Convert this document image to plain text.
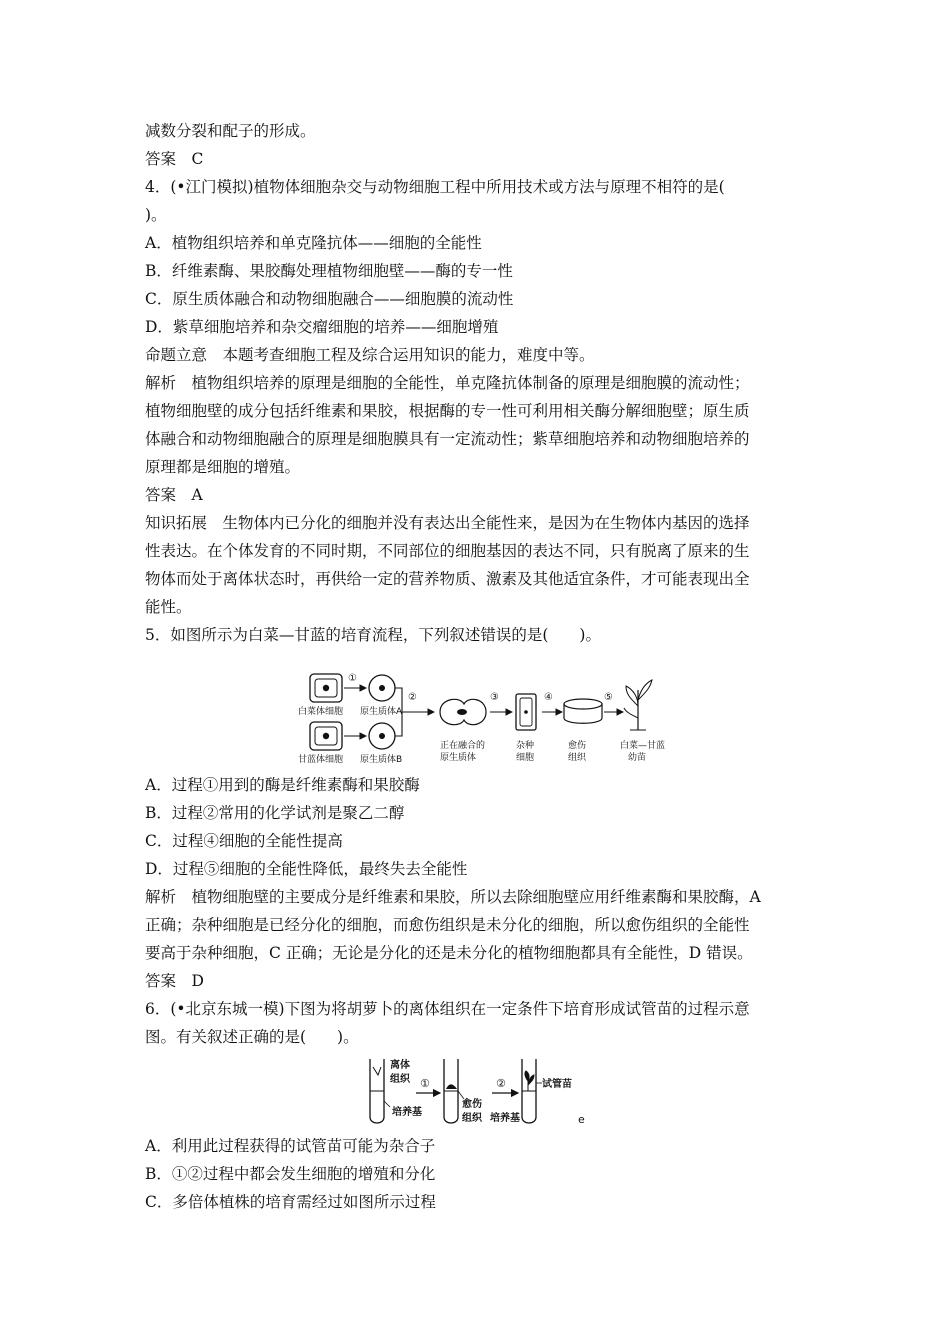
减数分裂和配子的形成。
答案　C
4．(•江门模拟)植物体细胞杂交与动物细胞工程中所用技术或方法与原理不相符的是(
)。
A．植物组织培养和单克隆抗体——细胞的全能性
B．纤维素酶、果胶酶处理植物细胞壁——酶的专一性
C．原生质体融合和动物细胞融合——细胞膜的流动性
D．紫草细胞培养和杂交瘤细胞的培养——细胞增殖
命题立意　本题考查细胞工程及综合运用知识的能力，难度中等。
解析　植物组织培养的原理是细胞的全能性，单克隆抗体制备的原理是细胞膜的流动性；
植物细胞壁的成分包括纤维素和果胶，根据酶的专一性可利用相关酶分解细胞壁；原生质
体融合和动物细胞融合的原理是细胞膜具有一定流动性；紫草细胞培养和动物细胞培养的
原理都是细胞的增殖。
答案　A
知识拓展　生物体内已分化的细胞并没有表达出全能性来，是因为在生物体内基因的选择
性表达。在个体发育的不同时期，不同部位的细胞基因的表达不同，只有脱离了原来的生
物体而处于离体状态时，再供给一定的营养物质、激素及其他适宜条件，才可能表现出全
能性。
5．如图所示为白菜—甘蓝的培育流程，下列叙述错误的是(　　)。
白菜体细胞
甘蓝体细胞
①
原生质体A
原生质体B
②
正在融合的
原生质体
③
杂种
细胞
④
愈伤
组织
⑤
白菜—甘蓝
幼苗
A．过程①用到的酶是纤维素酶和果胶酶
B．过程②常用的化学试剂是聚乙二醇
C．过程④细胞的全能性提高
D．过程⑤细胞的全能性降低，最终失去全能性
解析　植物细胞壁的主要成分是纤维素和果胶，所以去除细胞壁应用纤维素酶和果胶酶，A
正确；杂种细胞是已经分化的细胞，而愈伤组织是未分化的细胞，所以愈伤组织的全能性
要高于杂种细胞，C 正确；无论是分化的还是未分化的植物细胞都具有全能性，D 错误。
答案　D
6．(•北京东城一模)下图为将胡萝卜的离体组织在一定条件下培育形成试管苗的过程示意
图。有关叙述正确的是(　　)。
离体
组织
培养基
①
愈伤
组织
②
培养基
试管苗
e
A．利用此过程获得的试管苗可能为杂合子
B．①②过程中都会发生细胞的增殖和分化
C．多倍体植株的培育需经过如图所示过程
